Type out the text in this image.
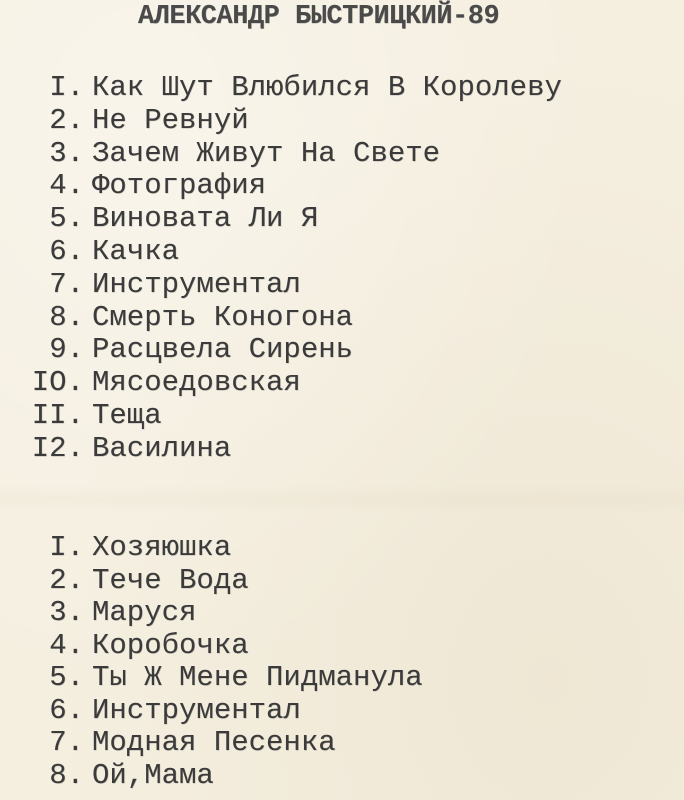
АЛЕКСАНДР БЫСТРИЦКИЙ-89
I. Как Шут Влюбился В Королеву
2. Не Ревнуй
3. Зачем Живут На Свете
4. Фотография
5. Виновата Ли Я
6. Качка
7. Инструментал
8. Смерть Коногона
9. Расцвела Сирень
IO. Мясоедовская
II. Теща
I2. Василина
I. Хозяюшка
2. Тече Вода
3. Маруся
4. Коробочка
5. Ты Ж Мене Пидманула
6. Инструментал
7. Модная Песенка
8. Ой,Мама
